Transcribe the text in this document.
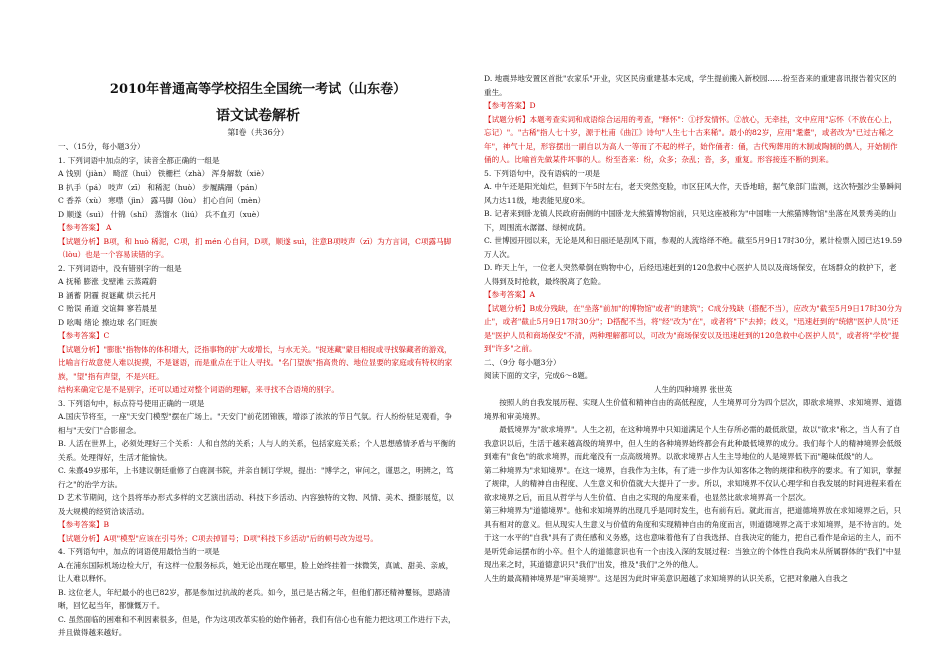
2010年普通高等学校招生全国统一考试（山东卷）
语文试卷解析
第Ⅰ卷（共36分）

一、（15分，每小题3分）

1. 下列词语中加点的字，读音全都正确的一组是

A 饯别（jiàn） 畸涩（huì） 铁栅栏（zhà） 浑身解数（xiè）

B 扒手（pá） 吱声（zī） 和稀泥（huò） 步履蹒跚（pán）

C 香养（xù） 寒噤（jìn） 露马脚（lòu） 扪心自问（mèn）

D 顺遂（suì） 什锦（shí） 蒸馏水（liú） 兵不血刃（xuè）

【参考答案】 A

【试题分析】B项，和 huò 稀泥，C项，扪 mén 心自问，D项，顺遂 suì，注意B项吱声（zī）为方言词，C项露马脚（lòu）也是一个容易读错的字。

2. 下列词语中，没有错别字的一组是

A 抚稀 膨涨 戈壁滩 云蒸霞蔚

B 涵蓄 阴霾 捉谜藏 烘云托月

C 贻误 甬道 交谊舞 寥若晨星

D 吆喝 绪论 擦边球 名门旺族

【参考答案】C

【试题分析】"膨胀"指物体的体积增大，泛指事物的扩大或增长，与水无关。"捉迷藏"蒙目相捉或寻找躲藏者的游戏，比喻言行故意使人难以捉摸，不是谜语，而是重点在于让人寻找。"名门望族"指高贵的、地位显要的家庭或有特权的家族，"望"指有声望，不是兴旺。

结构来确定它是不是别字，还可以通过对整个词语的理解，来寻找不合语境的别字。

3. 下列语句中，标点符号使用正确的一项是

A.国庆节将至，一座"天安门模型"摆在广场上。"天安门"前花团锦簇，增添了浓浓的节日气氛。行人纷纷驻足观看，争相与"天安门"合影留念。

B. 人活在世界上，必须处理好三个关系：人和自然的关系；人与人的关系，包括家庭关系；个人思想感情矛盾与平衡的关系。处理得好，生活才能愉快。

C. 朱熹49岁那年，上书建议朝廷重修了白鹿洞书院，并亲自制订学规，提出："博学之，审问之，谨思之，明辨之，笃行之"的治学方法。

D 艺术节期间，这个县将举办形式多样的文艺演出活动、科技下乡活动、内容独特的文物、风情、美术、摄影展览，以及大规模的经贸洽谈活动。

【参考答案】B

【试题分析】A项"模型"应该在引号外；C项去掉冒号；D项"科技下乡活动"后的顿号改为逗号。

4. 下列语句中，加点的词语使用最恰当的一项是

A.在浦东国际机场边检大厅，有这样一位服务标兵，她无论出现在哪里，脸上始终挂着一抹微笑，真诚、甜美、亲戚，让人难以释怀。

B. 这位老人，年纪最小的也已82岁，都是参加过抗战的老兵。如今，虽已是古稀之年，但他们都还精神矍铄，思路清晰，回忆起当年，都慷慨万千。

C. 虽然面临的困难和不利因素很多，但是，作为这项改革实验的始作俑者，我们有信心也有能力把这项工作进行下去，并且做得越来越好。

D. 地震异地安置区首批"农家乐"开业，灾区民房重建基本完成，学生提前搬入新校园……扮至沓来的重建喜讯报告着灾区的重生。

【参考答案】D

【试题分析】本题考查实词和成语综合运用的考查，"释怀"：①抒发情怀。②放心，无牵挂，文中应用"忘怀（不放在心上，忘记）"。"古稀"指人七十岁，源于杜甫《曲江》诗句"人生七十古来稀"。最小的82岁，应用"耄耋"，或者改为"已过古稀之年"，神气十足，形容摆出一副自以为高人一等而了不起的样子，始作俑者：俑，古代殉葬用的木制或陶制的偶人，开始制作俑的人。比喻首先做某件坏事的人。纷至沓来：纷，众多；杂乱；沓，多，重复。形容接连不断的到来。

5. 下列语句中，没有语病的一项是

A. 中午还是阳光灿烂，但到下午5时左右，老天突然变脸，市区狂风大作，天昏地暗，据气象部门监测，这次特强沙尘暴瞬间风力达11级，地表能见度0米。

B. 记者来到卧龙镇人民政府南侧的中国卧龙大熊猫博物馆前，只见这座被称为"中国唯一大熊猫博物馆"坐落在风景秀美的山下，周围流水潺潺、绿树成荫。

C. 世博园开园以来，无论是风和日丽还是刮风下雨，参观的人流络绎不绝。截至5月9日17时30分，累计检票入园已达19.59万人次。

D. 昨天上午，一位老人突然晕倒在购物中心，后经迅速赶到的120急救中心医护人员以及商场保安，在场群众的救护下，老人得到及时抢救，最终脱离了危险。

【参考答案】A

【试题分析】B成分残缺，在"坐落"前加"的博物馆"或者"的建筑"；C成分残缺（搭配不当），应改为"截至5月9日17时30分为止"，或者"截止5月9日17时30分"；D搭配不当，将"经"改为"在"，或者将"下"去掉；歧义，"迅速赶到的"统辖"医护人员"还是"医护人员和商场保安"不清，两种理解都可以，可改为"商场保安以及迅速赶到的120急救中心医护人员"，或者将"学校"提到"许多"之前。

二、（9分 每小题3分）

阅读下面的文字，完成6～8题。

人生的四种境界 张世英

按照人的自我发展历程、实现人生价值和精神自由的高低程度，人生境界可分为四个层次，即欲求境界、求知境界、道德境界和审美境界。

最低境界为"欲求境界"。人生之初，在这种境界中只知道满足个人生存所必需的最低欲望，故以"欲求"称之，当人有了自我意识以后，生活于越来越高级的境界中，但人生的各种境界始终都会有此种最低境界的成分。我们每个人的精神境界会低级到难有"食色"的欲求境界，而此毫没有一点高级境界。以欲求境界占人生主导地位的人是境界低下而"趣味低级"的人。

第二种境界为"求知境界"。在这一境界，自我作为主体，有了进一步作为认知客体之物的规律和秩序的要求。有了知识，掌握了规律，人的精神自由程度、人生意义和价值就大大提升了一步。所以，求知境界不仅认心理学和自我发展的时间进程来看在欲求境界之后，而且从哲学与人生价值、自由之实现的角度来看，也显然比欲求境界高一个层次。

第三种境界为"道德境界"。他和求知境界的出现几乎是同时发生，也有前有后。就此而言，把道德境界放在求知境界之后，只具有相对的意义。但从现实人生意义与价值的角度和实现精神自由的角度而言，则道德境界之高于求知境界，是不待言的。处于这一水平的"自我"具有了责任感和义务感，这也意味着他有了自我选择、自我决定的能力，把自己看作是命运的主人，而不是听凭命运摆布的小卒。但个人的道德意识也有一个由浅入深的发展过程：当独立的个体性自我尚未从所属群体的"我们"中显现出来之时，其道德意识只"我们"出发，推及"我们"之外的他人。

人生的最高精神境界是"审美境界"。这是因为此时审美意识超越了求知境界的认识关系，它把对象融入自我之
